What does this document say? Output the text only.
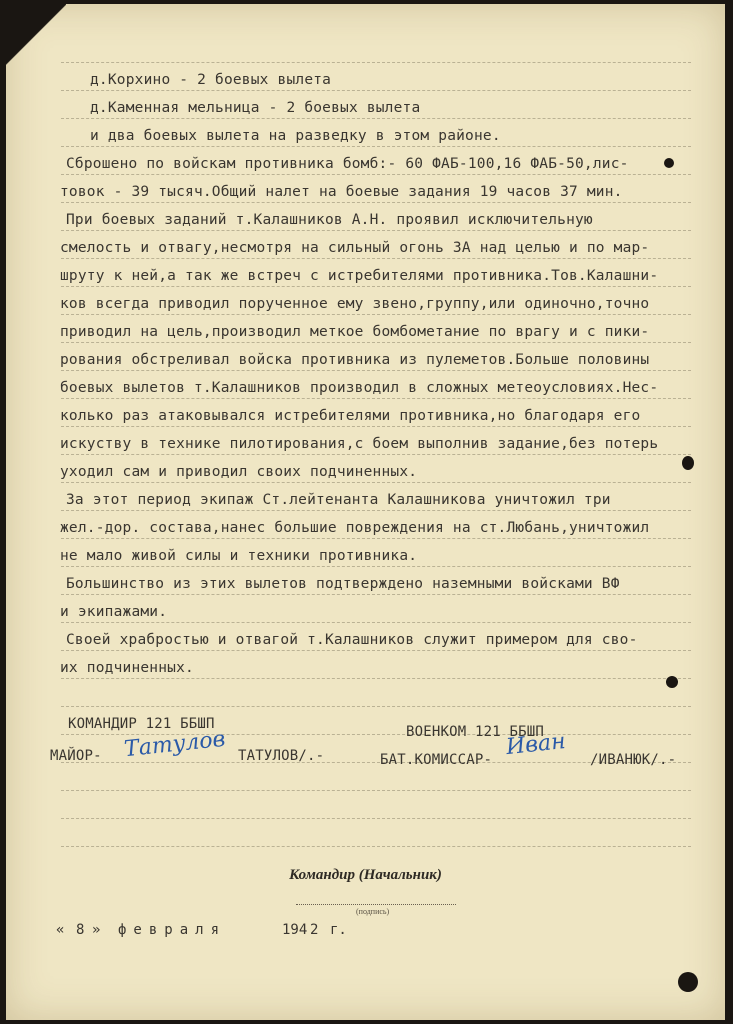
д.Корхино - 2 боевых вылета
д.Каменная мельница - 2 боевых вылета
и два боевых вылета на разведку в этом районе.
Сброшено по войскам противника бомб:- 60 ФАБ-100,16 ФАБ-50,лис-
товок - 39 тысяч.Общий налет на боевые задания 19 часов 37 мин.
При боевых заданий т.Калашников А.Н. проявил исключительную
смелость и отвагу,несмотря на сильный огонь ЗА над целью и по мар-
шруту к ней,а так же встреч с истребителями противника.Тов.Калашни-
ков всегда приводил порученное ему звено,группу,или одиночно,точно
приводил на цель,производил меткое бомбометание по врагу и с пики-
рования обстреливал войска противника из пулеметов.Больше половины
боевых вылетов т.Калашников производил в сложных метеоусловиях.Нес-
колько раз атаковывался истребителями противника,но благодаря его
искуству в технике пилотирования,с боем выполнив задание,без потерь
уходил сам и приводил своих подчиненных.
За этот период экипаж Ст.лейтенанта Калашникова уничтожил три
жел.-дор. состава,нанес большие повреждения на ст.Любань,уничтожил
не мало живой силы и техники противника.
Большинство из этих вылетов подтверждено наземными войсками ВФ
и экипажами.
Своей храбростью и отвагой т.Калашников служит примером для сво-
их подчиненных.
КОМАНДИР 121 ББШП
МАЙОР- Татулов ТАТУЛОВ/.-
ВОЕНКОМ 121 ББШП
БАТ.КОМИССАР- Иван /ИВАНЮК/.-
Командир (Начальник)
(подпись)
« 8 » февраля	194 2 г.
